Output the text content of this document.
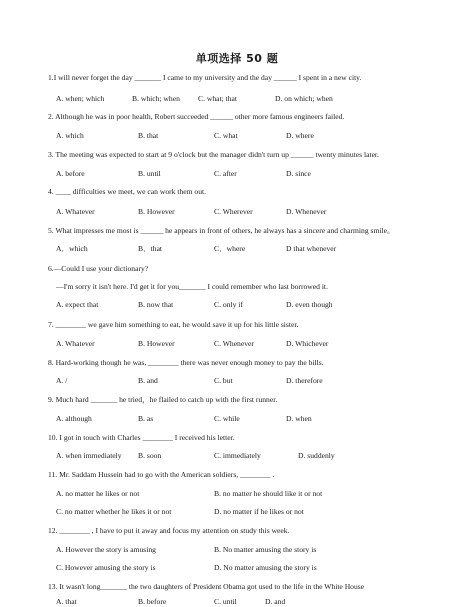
单项选择 50 题
1.I will never forget the day _______ I came to my university and the day ______ I spent in a new city.
A. when; which	B. which; when C. what; that	D. on which; when
2. Although he was in poor health, Robert succeeded ______ other more famous engineers failed.
A. which	B. that	C. what	D. where
3. The meeting was expected to start at 9 o'clock but the manager didn't turn up ______ twenty minutes later.
A. before	B. until	C. after	D. since
4. ____ difficulties we meet, we can work them out.
A. Whatever	B. However	C. Wherever	D. Whenever
5. What impresses me most is ______ he appears in front of others, he always has a sincere and charming smile。
A．which	B．that	C．where	D that whenever
6.—Could I use your dictionary?
—I'm sorry it isn't here. I'd get it for you_______ I could remember who last borrowed it.
A. expect that	B. now that	C. only if	D. even though
7. ________ we gave him something to eat, he would save it up for his little sister.
A. Whatever	B. However	C. Whenever	D. Whichever
8. Hard-working though he was, ________ there was never enough money to pay the bills.
A. /	B. and	C. but	D. therefore
9. Much hard _______ he tried，he flailed to catch up with the first runner.
A. although	B. as	C. while	D. when
10. I got in touch with Charles ________ I received his letter.
A. when immediately B. soon	C. immediately	D. suddenly
11. Mr. Saddam Hussein had to go with the American soldiers, ________ .
A. no matter he likes or not	B. no matter he should like it or not
C. no matter whether he likes it or not	D. no matter if he likes or not
12. ________ , I have to put it away and focus my attention on study this week.
A. However the story is amusing	B. No matter amusing the story is
C. However amusing the story is	D. No matter amusing the story is
13. It wasn't long_______ the two daughters of President Obama got used to the life in the White House
A. that	B. before	C. until	D. and
